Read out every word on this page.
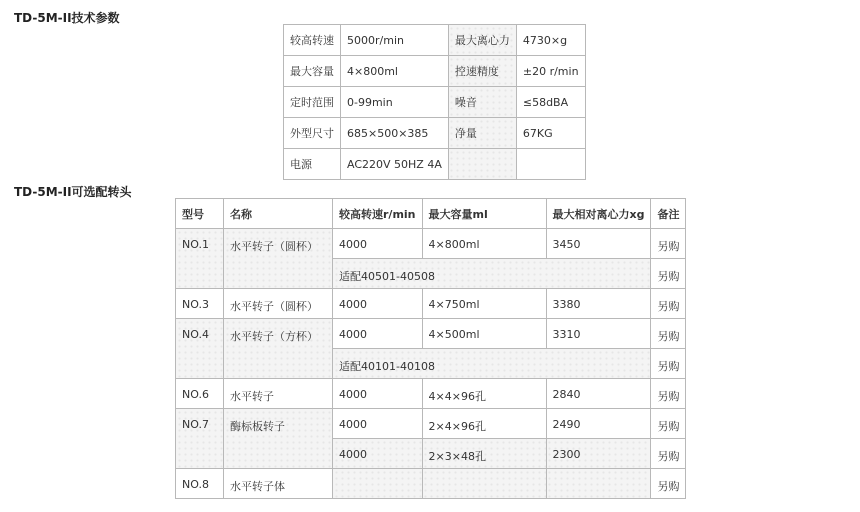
TD-5M-II技术参数
较高转速	5000r/min	最大离心力	4730×g
最大容量	4×800ml	控速精度	±20 r/min
定时范围	0-99min	噪音	≤58dBA
外型尺寸	685×500×385	净量	67KG
电源	AC220V 50HZ 4A		
TD-5M-II可选配转头
型号	名称	较高转速r/min	最大容量ml	最大相对离心力xg	备注
NO.1	水平转子（圆杯）	4000	4×800ml	3450	另购
		适配40501-40508			另购
NO.3	水平转子（圆杯）	4000	4×750ml	3380	另购
NO.4	水平转子（方杯）	4000	4×500ml	3310	另购
		适配40101-40108			另购
NO.6	水平转子	4000	4×4×96孔	2840	另购
NO.7	酶标板转子	4000	2×4×96孔	2490	另购
		4000	2×3×48孔	2300	另购
NO.8	水平转子体				另购
